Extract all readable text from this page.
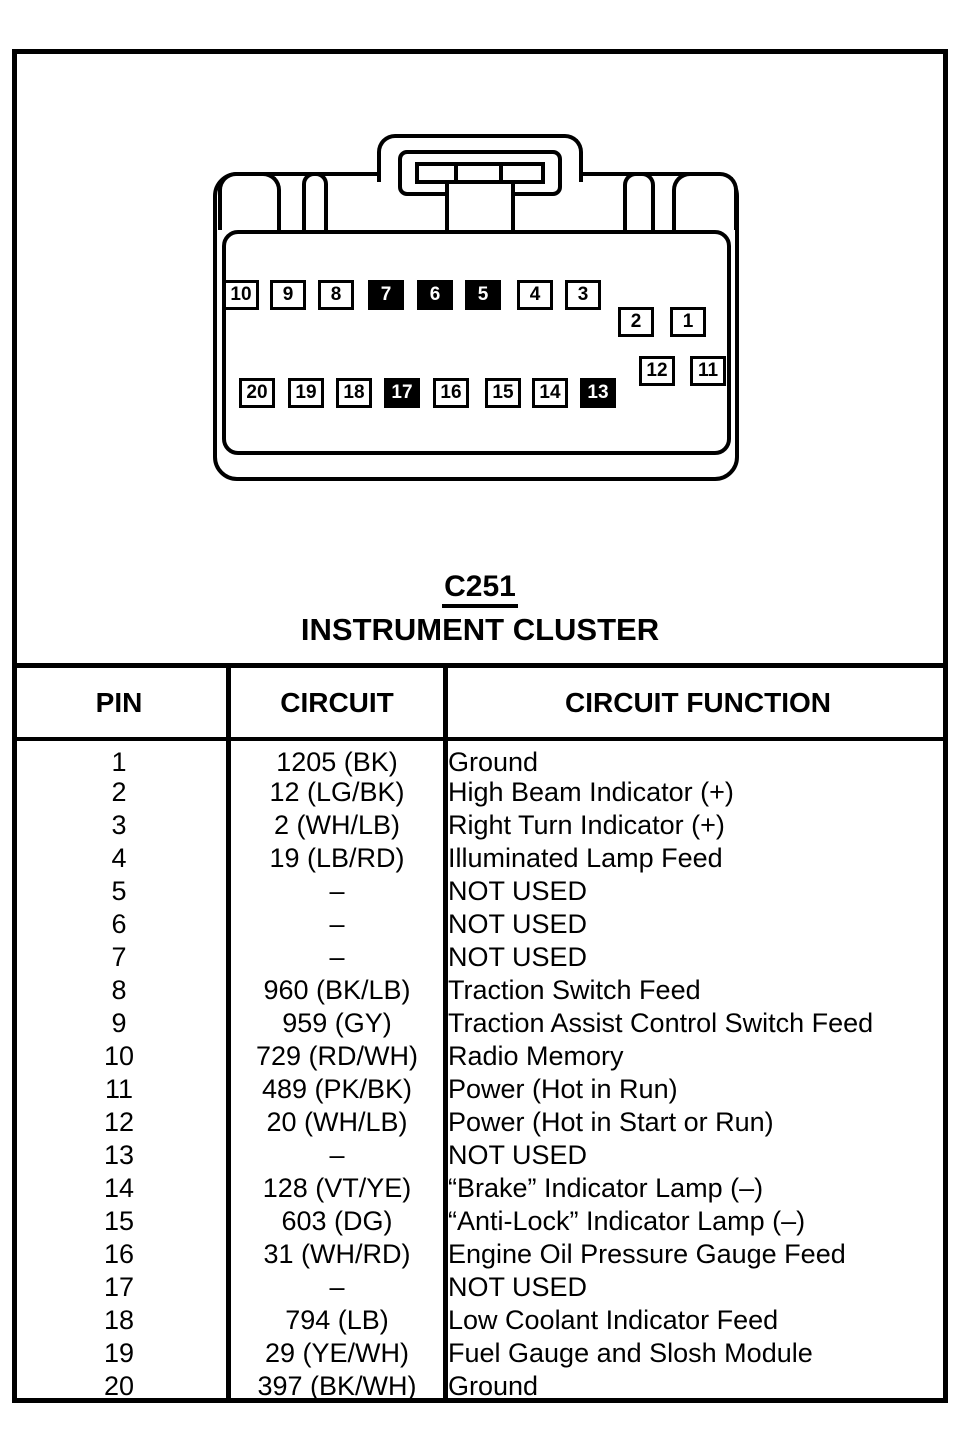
10	9	8	7	6	5	4	3
2	1
12	11
20	19	18	17	16	15	14	13
C251
INSTRUMENT CLUSTER
PIN	CIRCUIT	CIRCUIT FUNCTION
1	1205 (BK)	Ground
2	12 (LG/BK)	High Beam Indicator (+)
3	2 (WH/LB)	Right Turn Indicator (+)
4	19 (LB/RD)	Illuminated Lamp Feed
5	–	NOT USED
6	–	NOT USED
7	–	NOT USED
8	960 (BK/LB)	Traction Switch Feed
9	959 (GY)	Traction Assist Control Switch Feed
10	729 (RD/WH)	Radio Memory
11	489 (PK/BK)	Power (Hot in Run)
12	20 (WH/LB)	Power (Hot in Start or Run)
13	–	NOT USED
14	128 (VT/YE)	“Brake” Indicator Lamp (–)
15	603 (DG)	“Anti-Lock” Indicator Lamp (–)
16	31 (WH/RD)	Engine Oil Pressure Gauge Feed
17	–	NOT USED
18	794 (LB)	Low Coolant Indicator Feed
19	29 (YE/WH)	Fuel Gauge and Slosh Module
20	397 (BK/WH)	Ground
